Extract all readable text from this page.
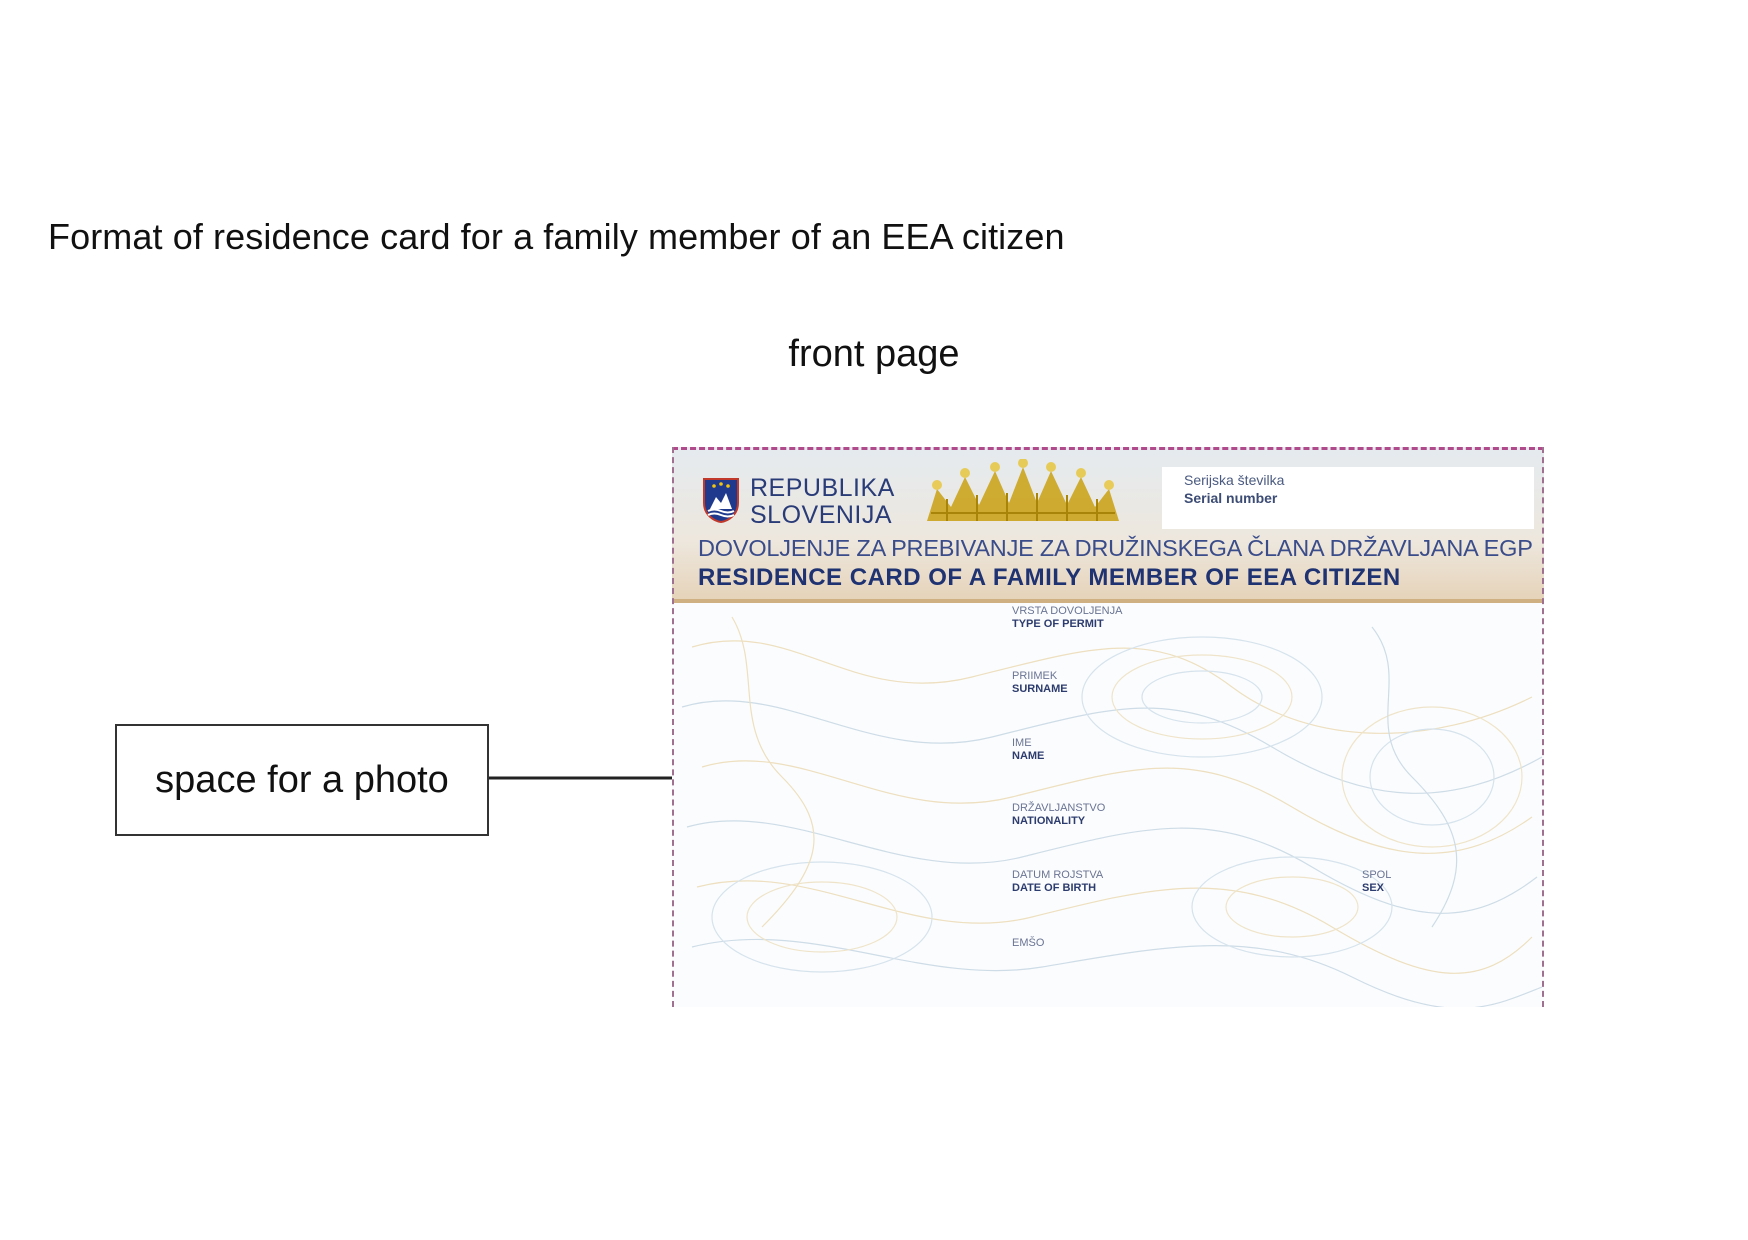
Format of residence card for a family member of an EEA citizen
front page
space for a photo
REPUBLIKA
SLOVENIJA
Serijska številka
Serial number
DOVOLJENJE ZA PREBIVANJE ZA DRUŽINSKEGA ČLANA DRŽAVLJANA EGP
RESIDENCE CARD OF A FAMILY MEMBER OF EEA CITIZEN
VRSTA DOVOLJENJA
TYPE OF PERMIT
PRIIMEK
SURNAME
IME
NAME
DRŽAVLJANSTVO
NATIONALITY
DATUM ROJSTVA
DATE OF BIRTH
SPOL
SEX
EMŠO
